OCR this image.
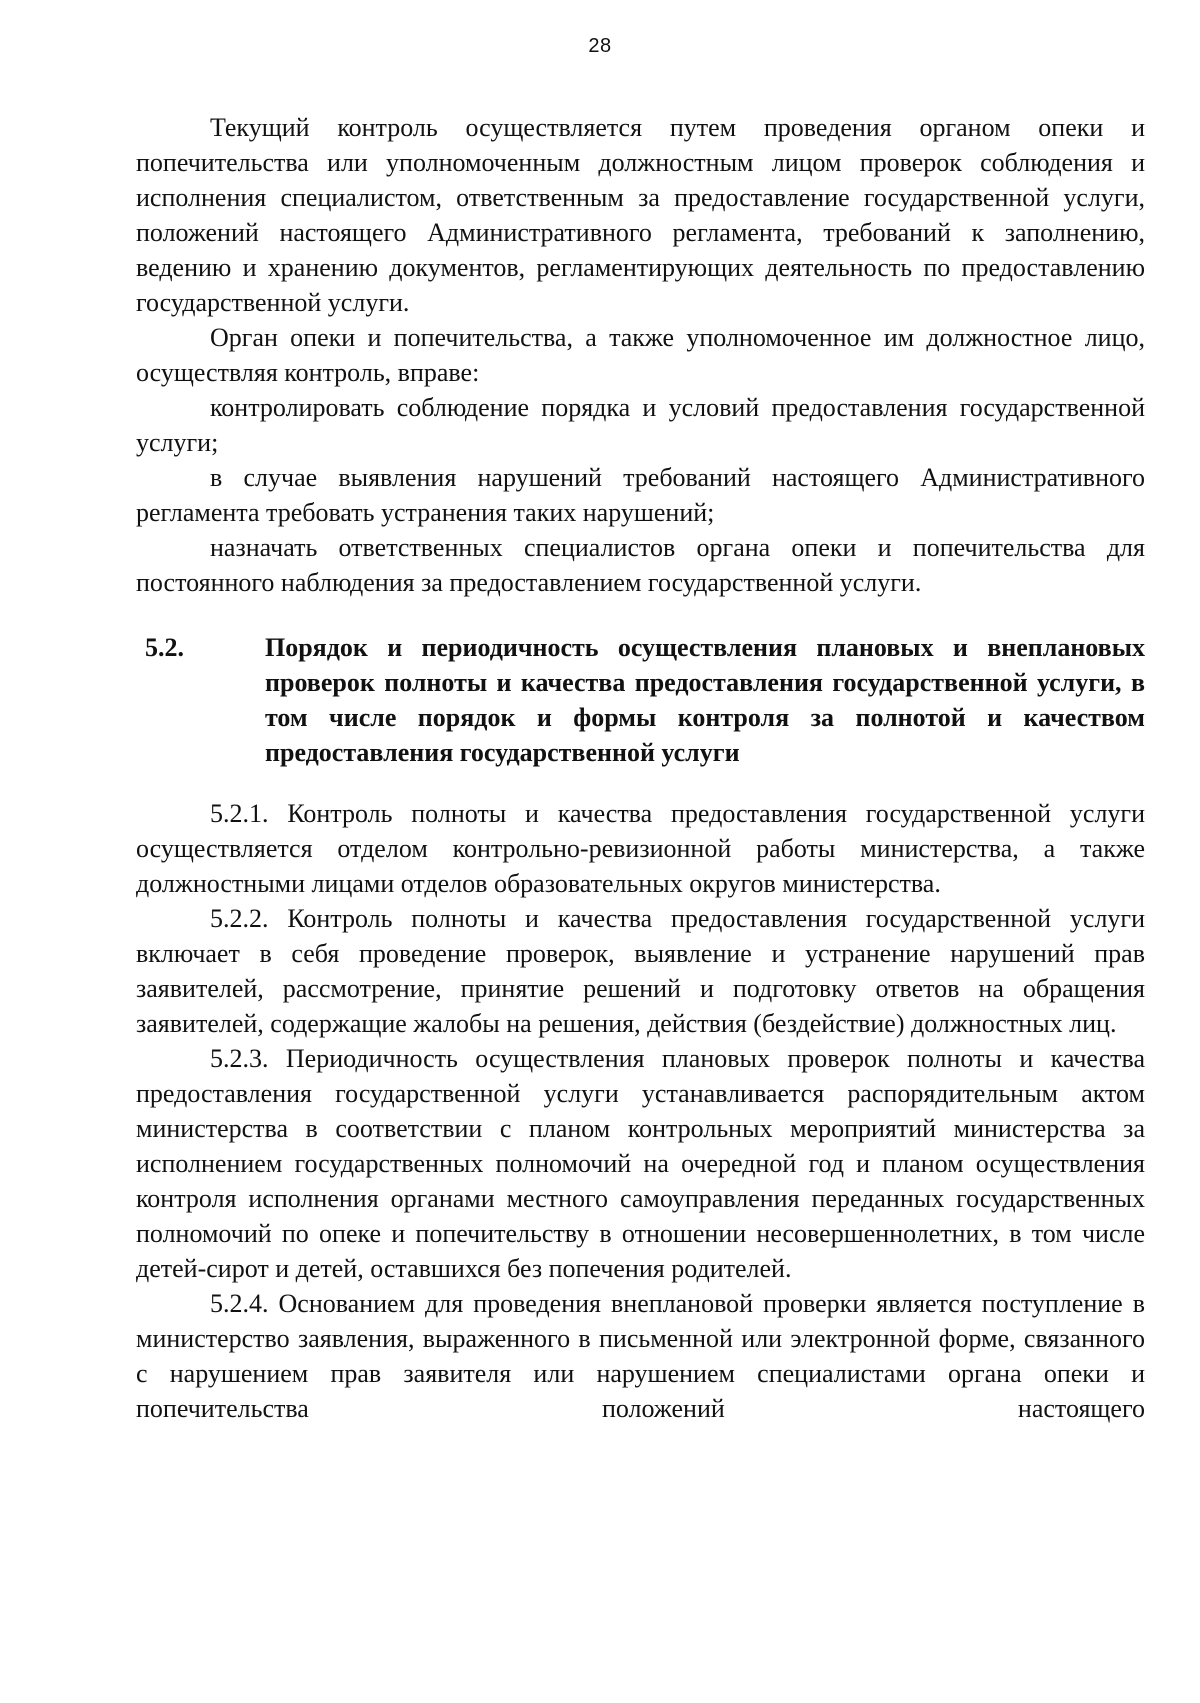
28

Текущий контроль осуществляется путем проведения органом опеки и попечительства или уполномоченным должностным лицом проверок соблюдения и исполнения специалистом, ответственным за предоставление государственной услуги, положений настоящего Административного регламента, требований к заполнению, ведению и хранению документов, регламентирующих деятельность по предоставлению государственной услуги.

Орган опеки и попечительства, а также уполномоченное им должностное лицо, осуществляя контроль, вправе:

контролировать соблюдение порядка и условий предоставления государственной услуги;

в случае выявления нарушений требований настоящего Административного регламента требовать устранения таких нарушений;

назначать ответственных специалистов органа опеки и попечительства для постоянного наблюдения за предоставлением государственной услуги.

5.2.	Порядок и периодичность осуществления плановых и внеплановых проверок полноты и качества предоставления государственной услуги, в том числе порядок и формы контроля за полнотой и качеством предоставления государственной услуги

5.2.1. Контроль полноты и качества предоставления государственной услуги осуществляется отделом контрольно-ревизионной работы министерства, а также должностными лицами отделов образовательных округов министерства.

5.2.2. Контроль полноты и качества предоставления государственной услуги включает в себя проведение проверок, выявление и устранение нарушений прав заявителей, рассмотрение, принятие решений и подготовку ответов на обращения заявителей, содержащие жалобы на решения, действия (бездействие) должностных лиц.

5.2.3. Периодичность осуществления плановых проверок полноты и качества предоставления государственной услуги устанавливается распорядительным актом министерства в соответствии с планом контрольных мероприятий министерства за исполнением государственных полномочий на очередной год и планом осуществления контроля исполнения органами местного самоуправления переданных государственных полномочий по опеке и попечительству в отношении несовершеннолетних, в том числе детей-сирот и детей, оставшихся без попечения родителей.

5.2.4. Основанием для проведения внеплановой проверки является поступление в министерство заявления, выраженного в письменной или электронной форме, связанного с нарушением прав заявителя или нарушением специалистами органа опеки и попечительства положений настоящего
